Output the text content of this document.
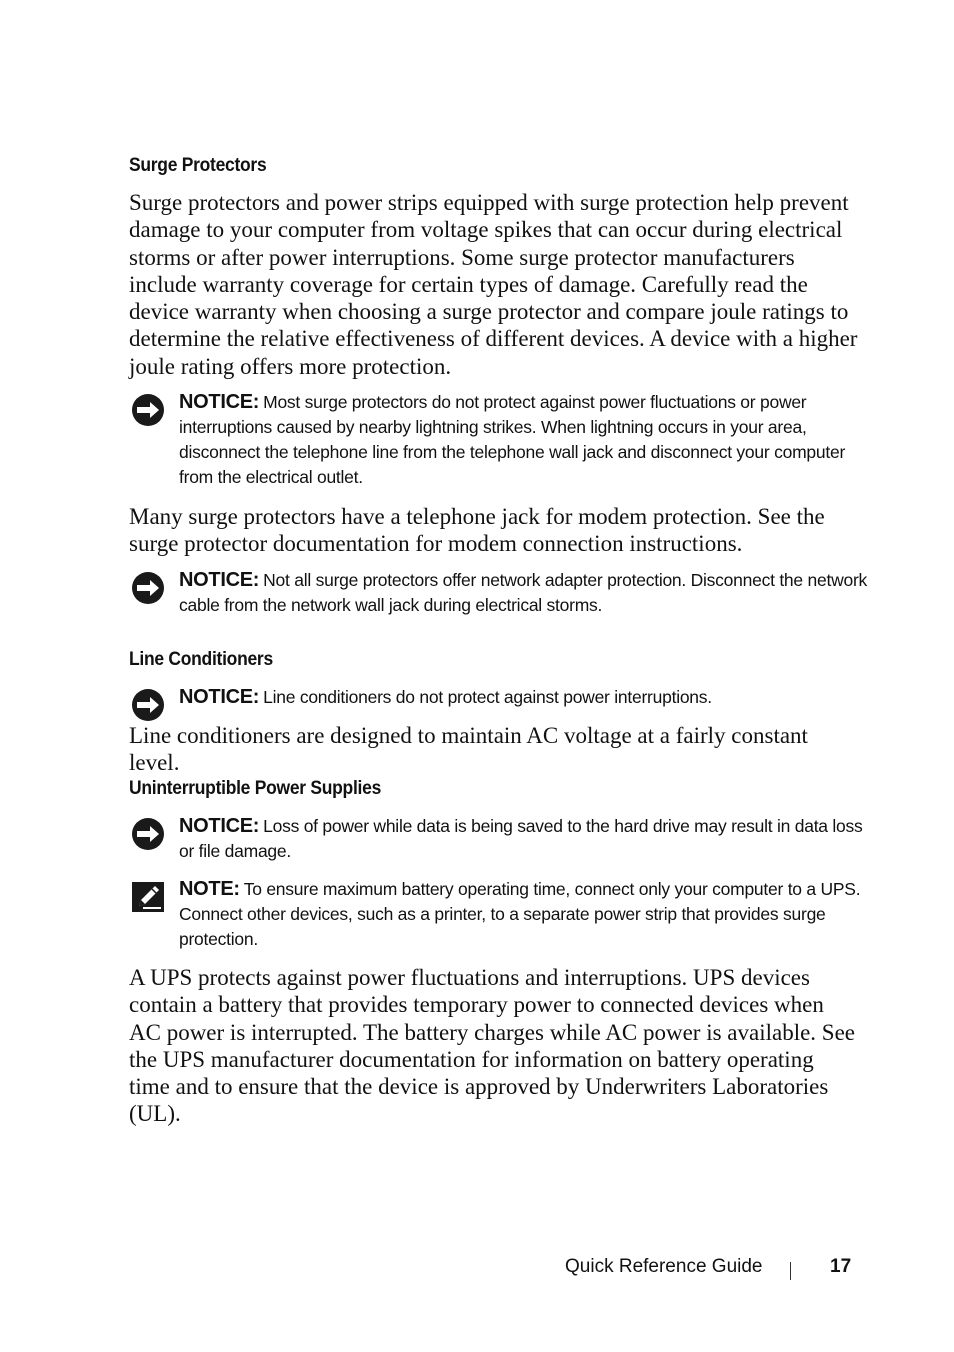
Surge Protectors

Surge protectors and power strips equipped with surge protection help prevent damage to your computer from voltage spikes that can occur during electrical storms or after power interruptions. Some surge protector manufacturers include warranty coverage for certain types of damage. Carefully read the device warranty when choosing a surge protector and compare joule ratings to determine the relative effectiveness of different devices. A device with a higher joule rating offers more protection.

NOTICE: Most surge protectors do not protect against power fluctuations or power interruptions caused by nearby lightning strikes. When lightning occurs in your area, disconnect the telephone line from the telephone wall jack and disconnect your computer from the electrical outlet.

Many surge protectors have a telephone jack for modem protection. See the surge protector documentation for modem connection instructions.

NOTICE: Not all surge protectors offer network adapter protection. Disconnect the network cable from the network wall jack during electrical storms.

Line Conditioners

NOTICE: Line conditioners do not protect against power interruptions.

Line conditioners are designed to maintain AC voltage at a fairly constant level.

Uninterruptible Power Supplies

NOTICE: Loss of power while data is being saved to the hard drive may result in data loss or file damage.

NOTE: To ensure maximum battery operating time, connect only your computer to a UPS. Connect other devices, such as a printer, to a separate power strip that provides surge protection.

A UPS protects against power fluctuations and interruptions. UPS devices contain a battery that provides temporary power to connected devices when AC power is interrupted. The battery charges while AC power is available. See the UPS manufacturer documentation for information on battery operating time and to ensure that the device is approved by Underwriters Laboratories (UL).

Quick Reference Guide	17
